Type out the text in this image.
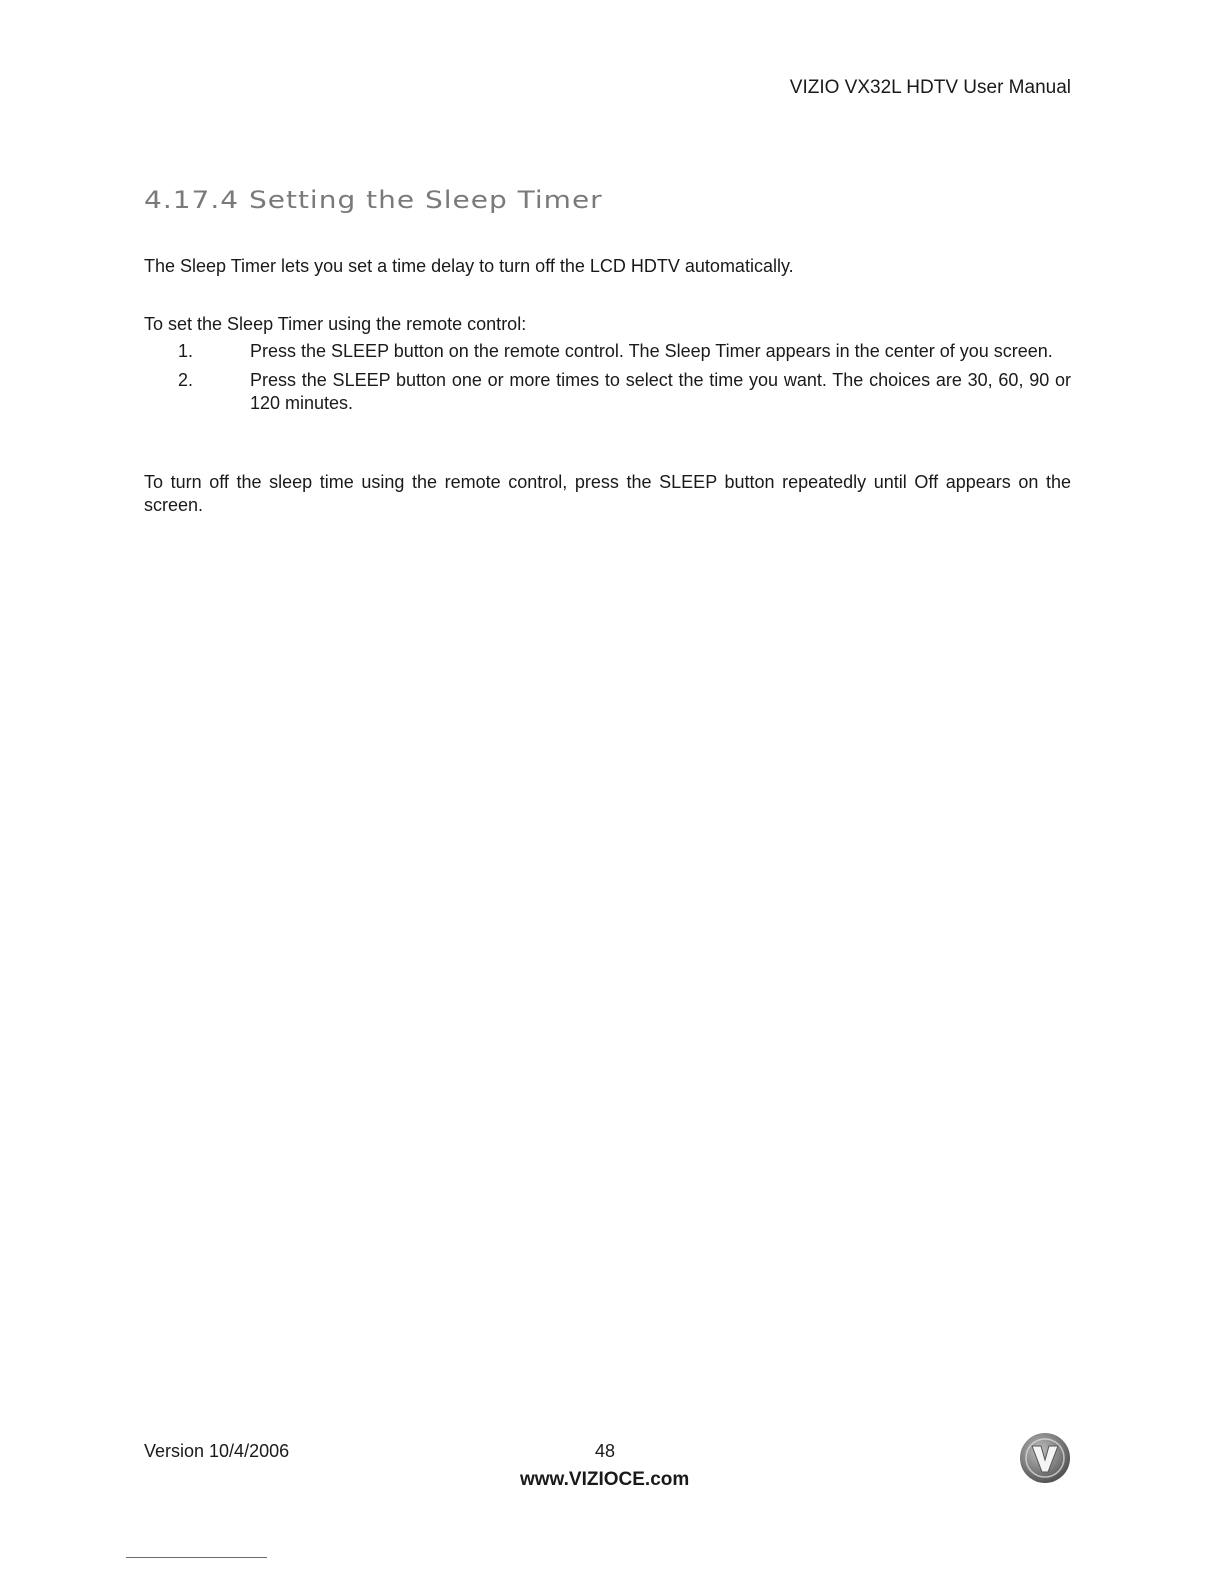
VIZIO VX32L HDTV User Manual
4.17.4 Setting the Sleep Timer

The Sleep Timer lets you set a time delay to turn off the LCD HDTV automatically.

To set the Sleep Timer using the remote control:

1.	Press the SLEEP button on the remote control. The Sleep Timer appears in the center of you screen.
2.	Press the SLEEP button one or more times to select the time you want. The choices are 30, 60, 90 or 120 minutes.

To turn off the sleep time using the remote control, press the SLEEP button repeatedly until Off appears on the screen.

Version 10/4/2006	48
www.VIZIOCE.com
